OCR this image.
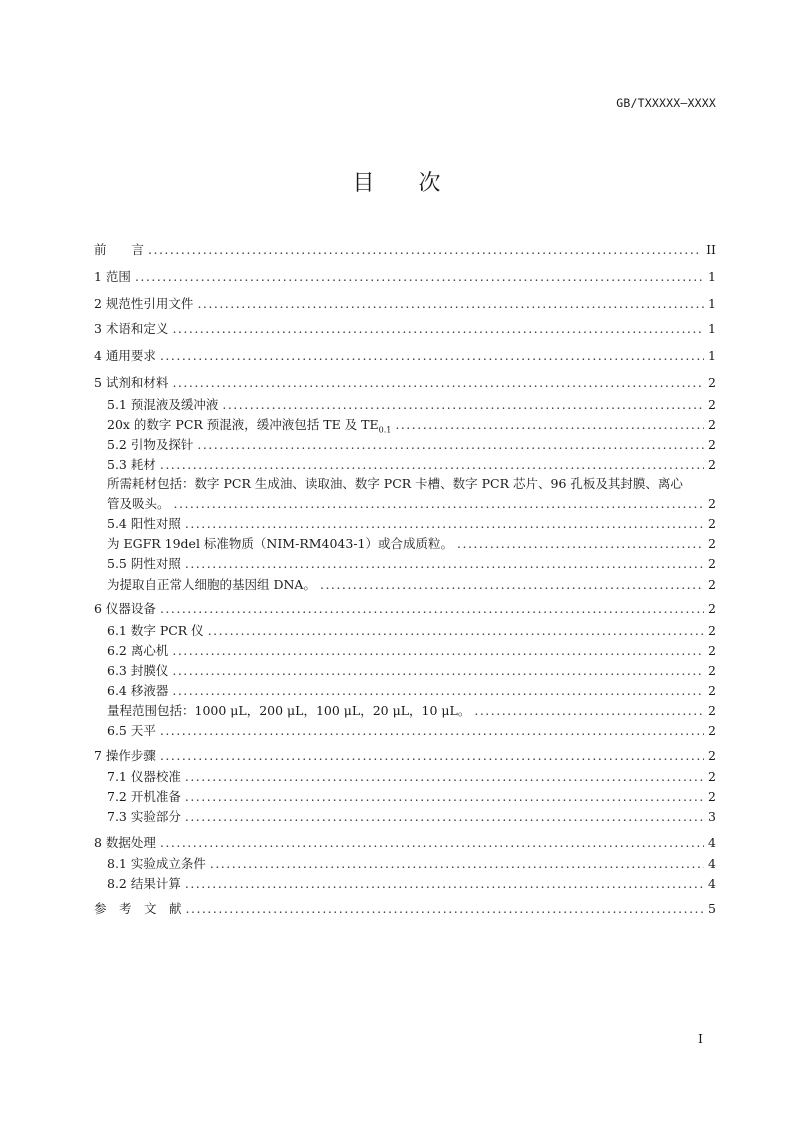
GB/TXXXXX—XXXX
目　　次
前　　言 .....	II
1 范围 .....	1
2 规范性引用文件 .....	1
3 术语和定义 .....	1
4 通用要求 .....	1
5 试剂和材料 .....	2
5.1 预混液及缓冲液 .....	2
20x 的数字 PCR 预混液，缓冲液包括 TE 及 $TE_{0.1}$ .....	2
5.2 引物及探针 .....	2
5.3 耗材 .....	2
所需耗材包括：数字 PCR 生成油、读取油、数字 PCR 卡槽、数字 PCR 芯片、96 孔板及其封膜、离心
管及吸头。 .....	2
5.4 阳性对照 .....	2
为 EGFR 19del 标准物质（NIM-RM4043-1）或合成质粒。 .....	2
5.5 阴性对照 .....	2
为提取自正常人细胞的基因组 DNA。 .....	2
6 仪器设备 .....	2
6.1 数字 PCR 仪 .....	2
6.2 离心机 .....	2
6.3 封膜仪 .....	2
6.4 移液器 .....	2
量程范围包括：1000 μL，200 μL，100 μL，20 μL，10 μL。 .....	2
6.5 天平 .....	2
7 操作步骤 .....	2
7.1 仪器校准 .....	2
7.2 开机准备 .....	2
7.3 实验部分 .....	3
8 数据处理 .....	4
8.1 实验成立条件 .....	4
8.2 结果计算 .....	4
参　考　文　献 .....	5
I
